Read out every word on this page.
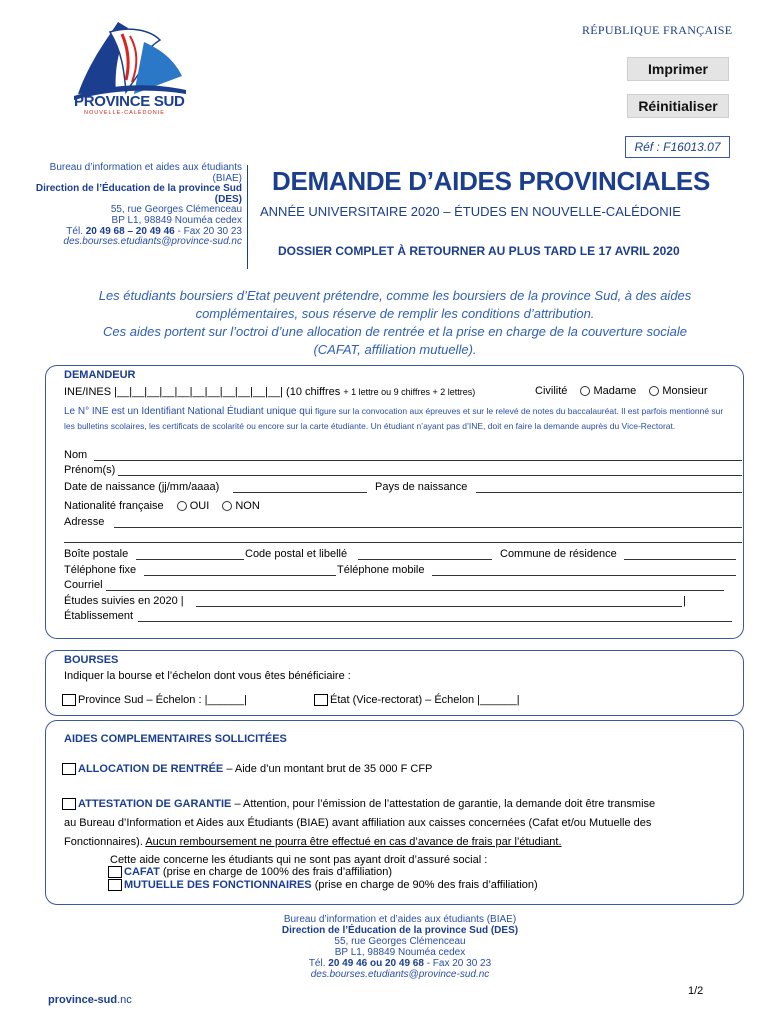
RÉPUBLIQUE FRANÇAISE
PROVINCE SUD
NOUVELLE-CALÉDONIE
Imprimer
Réinitialiser
Réf : F16013.07
Bureau d’information et aides aux étudiants
(BIAE)
Direction de l’Éducation de la province Sud
(DES)
55, rue Georges Clémenceau
BP L1, 98849 Nouméa cedex
Tél. 20 49 68 – 20 49 46 - Fax 20 30 23
des.bourses.etudiants@province-sud.nc
DEMANDE D’AIDES PROVINCIALES
ANNÉE UNIVERSITAIRE 2020 – ÉTUDES EN NOUVELLE-CALÉDONIE
DOSSIER COMPLET À RETOURNER AU PLUS TARD LE 17 AVRIL 2020
Les étudiants boursiers d’Etat peuvent prétendre, comme les boursiers de la province Sud, à des aides
complémentaires, sous réserve de remplir les conditions d’attribution.
Ces aides portent sur l’octroi d’une allocation de rentrée et la prise en charge de la couverture sociale
(CAFAT, affiliation mutuelle).
DEMANDEUR
INE/INES |__|__|__|__|__|__|__|__|__|__|__| (10 chiffres + 1 lettre ou 9 chiffres + 2 lettres)	Civilité Madame Monsieur
Le N° INE est un Identifiant National Étudiant unique qui figure sur la convocation aux épreuves et sur le relevé de notes du baccalauréat. Il est parfois mentionné sur les bulletins scolaires, les certificats de scolarité ou encore sur la carte étudiante. Un étudiant n’ayant pas d’INE, doit en faire la demande auprès du Vice-Rectorat.
Nom
Prénom(s)
Date de naissance (jj/mm/aaaa)	Pays de naissance
Nationalité française OUI NON
Adresse
Boîte postale	Code postal et libellé	Commune de résidence
Téléphone fixe	Téléphone mobile
Courriel
Études suivies en 2020 |	|
Établissement
BOURSES
Indiquer la bourse et l’échelon dont vous êtes bénéficiaire :
Province Sud – Échelon : |______|	État (Vice-rectorat) – Échelon |______|
AIDES COMPLEMENTAIRES SOLLICITÉES
ALLOCATION DE RENTRÉE – Aide d’un montant brut de 35 000 F CFP
ATTESTATION DE GARANTIE – Attention, pour l’émission de l’attestation de garantie, la demande doit être transmise
au Bureau d’Information et Aides aux Étudiants (BIAE) avant affiliation aux caisses concernées (Cafat et/ou Mutuelle des
Fonctionnaires). Aucun remboursement ne pourra être effectué en cas d’avance de frais par l’étudiant.
Cette aide concerne les étudiants qui ne sont pas ayant droit d’assuré social :
CAFAT (prise en charge de 100% des frais d’affiliation)
MUTUELLE DES FONCTIONNAIRES (prise en charge de 90% des frais d’affiliation)
Bureau d’information et d’aides aux étudiants (BIAE)
Direction de l’Éducation de la province Sud (DES)
55, rue Georges Clémenceau
BP L1, 98849 Nouméa cedex
Tél. 20 49 46 ou 20 49 68 - Fax 20 30 23
des.bourses.etudiants@province-sud.nc
province-sud.nc
1/2
